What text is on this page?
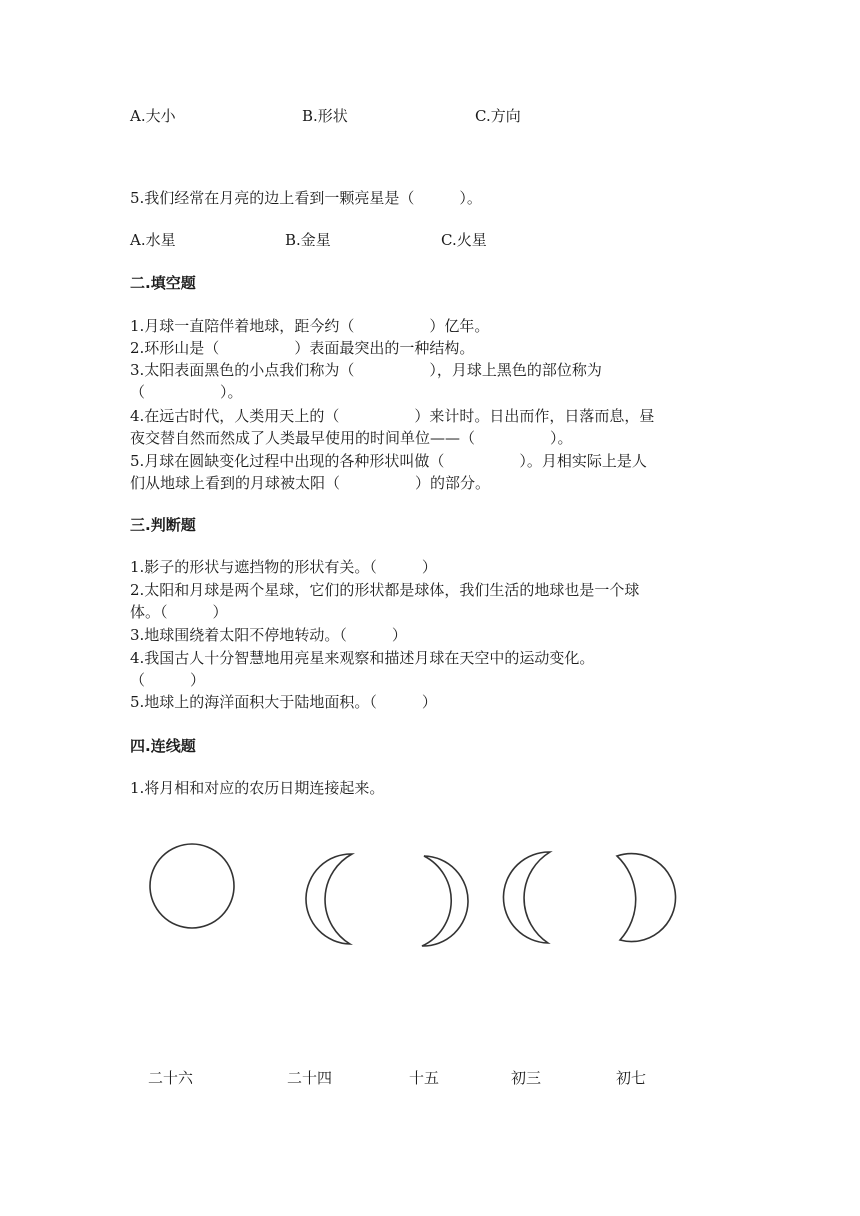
A.大小	B.形状	C.方向
5.我们经常在月亮的边上看到一颗亮星是（　　　）。
A.水星	B.金星	C.火星
二.填空题
1.月球一直陪伴着地球，距今约（　　　　　）亿年。
2.环形山是（　　　　　）表面最突出的一种结构。
3.太阳表面黑色的小点我们称为（　　　　　），月球上黑色的部位称为
（　　　　　）。
4.在远古时代，人类用天上的（　　　　　）来计时。日出而作，日落而息，昼
夜交替自然而然成了人类最早使用的时间单位——（　　　　　）。
5.月球在圆缺变化过程中出现的各种形状叫做（　　　　　）。月相实际上是人
们从地球上看到的月球被太阳（　　　　　）的部分。
三.判断题
1.影子的形状与遮挡物的形状有关。（　　　）
2.太阳和月球是两个星球，它们的形状都是球体，我们生活的地球也是一个球
体。（　　　）
3.地球围绕着太阳不停地转动。（　　　）
4.我国古人十分智慧地用亮星来观察和描述月球在天空中的运动变化。
（　　　）
5.地球上的海洋面积大于陆地面积。（　　　）
四.连线题
1.将月相和对应的农历日期连接起来。
二十六	二十四	十五	初三	初七
